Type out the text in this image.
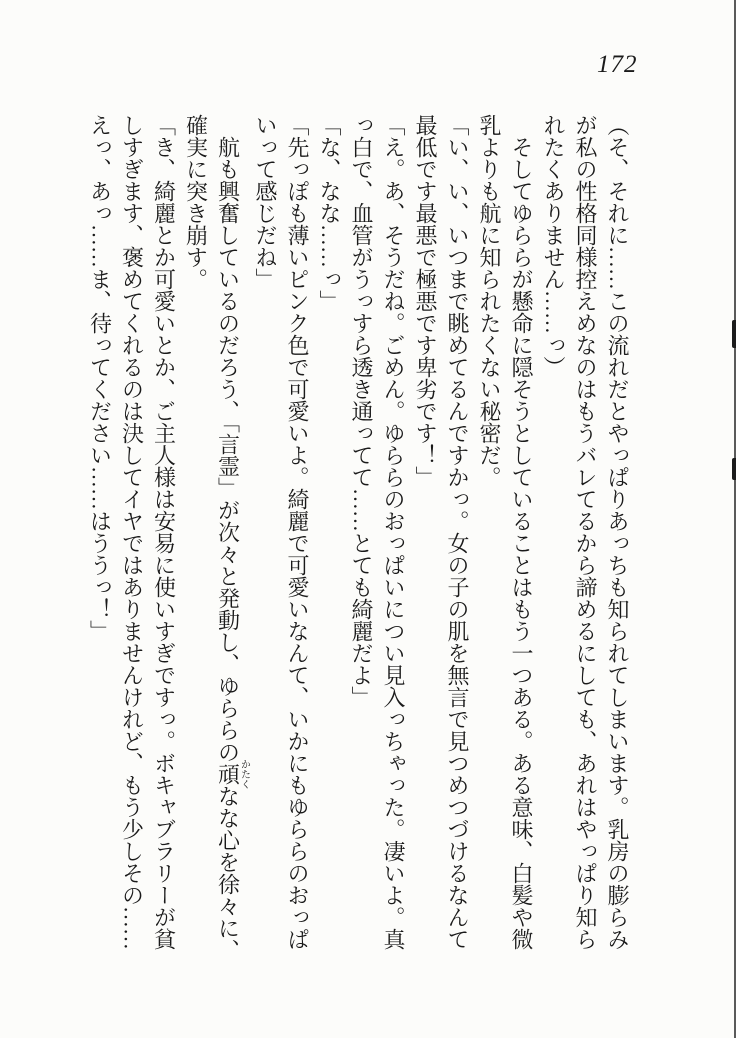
172

（そ、それに……この流れだとやっぱりあっちも知られてしまいます。乳房の膨らみ

が私の性格同様控えめなのはもうバレてるから諦めるにしても、あれはやっぱり知ら

れたくありません……っ）

そしてゆららが懸命に隠そうとしていることはもう一つある。ある意味、白髪や微

乳よりも航に知られたくない秘密だ。

「い、い、いつまで眺めてるんですかっ。女の子の肌を無言で見つめつづけるなんて

最低です最悪で極悪です卑劣です！」

「え。あ、そうだね。ごめん。ゆららのおっぱいについ見入っちゃった。凄いよ。真

っ白で、血管がうっすら透き通ってて……とても綺麗だよ」

「な、なな……っ」

「先っぽも薄いピンク色で可愛いよ。綺麗で可愛いなんて、いかにもゆららのおっぱ

いって感じだね」

航も興奮しているのだろう、「言霊」が次々と発動し、ゆららの頑かたくなな心を徐々に、

確実に突き崩す。

「き、綺麗とか可愛いとか、ご主人様は安易に使いすぎですっ。ボキャブラリーが貧

しすぎます、褒めてくれるのは決してイヤではありませんけれど、もう少しその……

えっ、あっ……ま、待ってください……はううっ！」
